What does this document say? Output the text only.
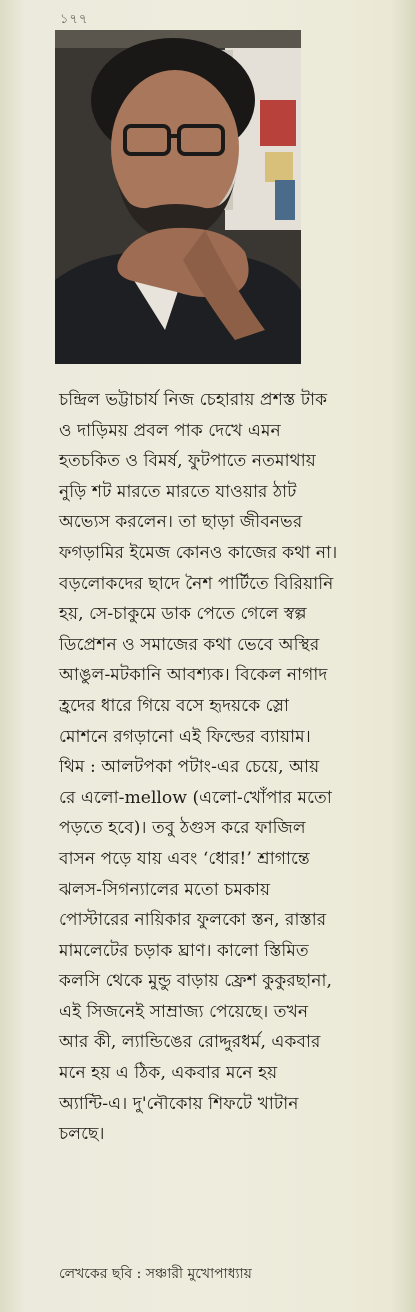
১৭৭
চন্দ্রিল ভট্টাচার্য নিজ চেহারায় প্রশস্ত টাক
ও দাড়িময় প্রবল পাক দেখে এমন
হতচকিত ও বিমর্ষ, ফুটপাতে নতমাথায়
নুড়ি শট মারতে মারতে যাওয়ার ঠাট
অভ্যেস করলেন। তা ছাড়া জীবনভর
ফগড়ামির ইমেজ কোনও কাজের কথা না।
বড়লোকদের ছাদে নৈশ পার্টিতে বিরিয়ানি
হয়, সে-চাকুমে ডাক পেতে গেলে স্বল্প
ডিপ্রেশন ও সমাজের কথা ভেবে অস্থির
আঙুল-মটকানি আবশ্যক। বিকেল নাগাদ
হ্রদের ধারে গিয়ে বসে হৃদয়কে স্লো
মোশনে রগড়ানো এই ফিল্ডের ব্যায়াম।
থিম : আলটপকা পটাং-এর চেয়ে, আয়
রে এলো-mellow (এলো-খোঁপার মতো
পড়তে হবে)। তবু ঠগুস করে ফাজিল
বাসন পড়ে যায় এবং ‘ধোর!’ শ্রাগান্তে
ঝলস-সিগন্যালের মতো চমকায়
পোস্টারের নায়িকার ফুলকো স্তন, রাস্তার
মামলেটের চড়াক ঘ্রাণ। কালো স্তিমিত
কলসি থেকে মুন্ডু বাড়ায় ফ্রেশ কুকুরছানা,
এই সিজনেই সাম্রাজ্য পেয়েছে। তখন
আর কী, ল্যান্ডিঙের রোদ্দুরধর্ম, একবার
মনে হয় এ ঠিক, একবার মনে হয়
অ্যান্টি-এ। দু'নৌকোয় শিফটে খাটান
চলছে।
লেখকের ছবি : সঞ্চারী মুখোপাধ্যায়
